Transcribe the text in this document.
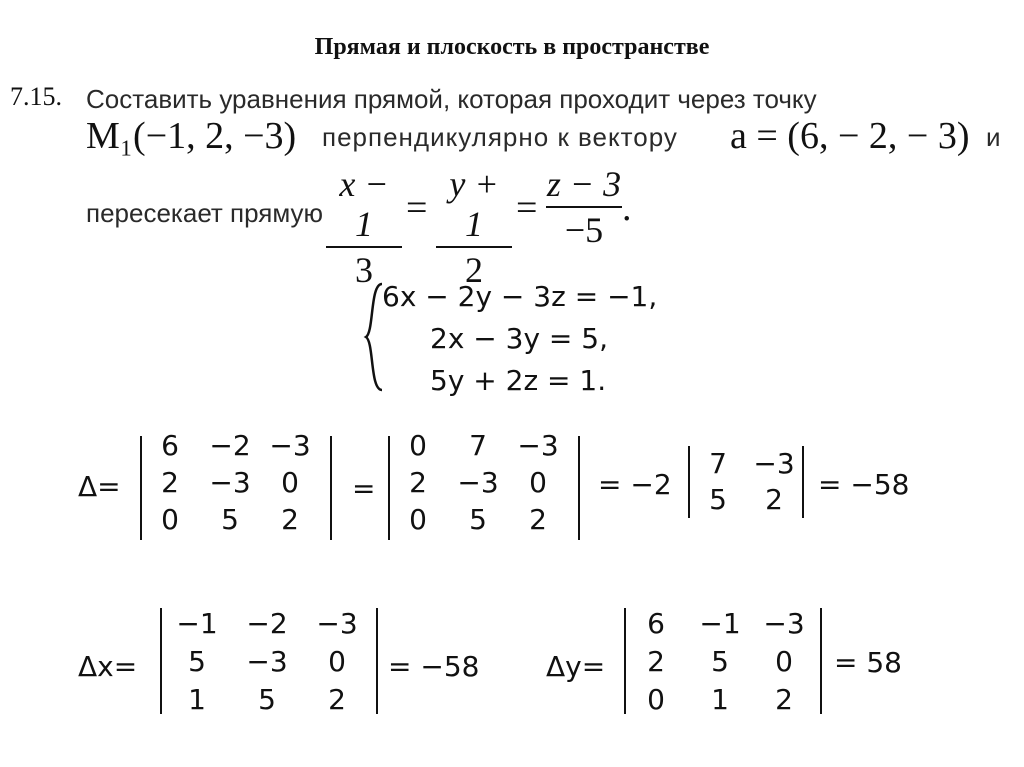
Прямая и плоскость в пространстве
7.15. Составить уравнения прямой, которая проходит через точку
M₁(−1, 2, −3) перпендикулярно к вектору a = (6, − 2, − 3) и
пересекает прямую
x − 1
3
=
y + 1
2
=
z − 3
−5
.
6x − 2y − 3z = −1,
2x − 3y = 5,
5y + 2z = 1.
Δ=	=	= −2	= −58
Δx=	= −58 Δy=	= 58
6	−2 −3
2	−3	0
0	5	2
0	7	−3
2	−3	0
0	5	2
7 −3
5	2
−1	−2	−3
5	−3	0
1	5	2
6	−1 −3
2	5	0
0	1	2
